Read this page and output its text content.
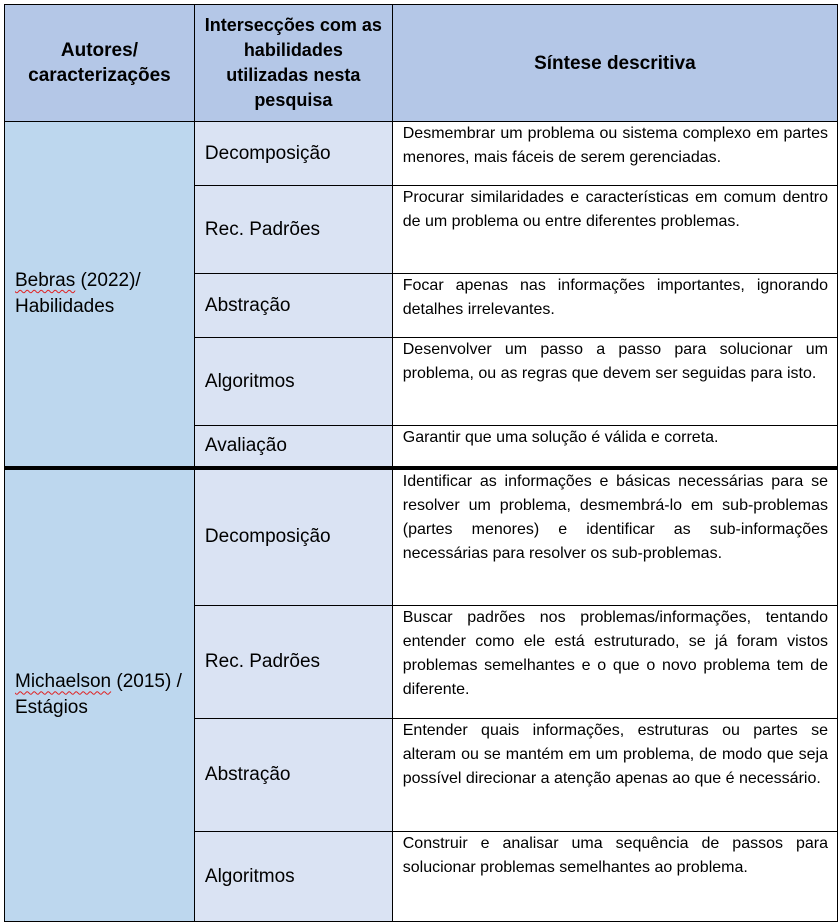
Autores/ caracterizações	Intersecções com as habilidades utilizadas nesta pesquisa	Síntese descritiva
Bebras (2022)/ Habilidades	Decomposição	Desmembrar um problema ou sistema complexo em partes menores, mais fáceis de serem gerenciadas.

	Rec. Padrões	Procurar similaridades e características em comum dentro de um problema ou entre diferentes problemas.

	Abstração	Focar apenas nas informações importantes, ignorando detalhes irrelevantes.

	Algoritmos	Desenvolver um passo a passo para solucionar um problema, ou as regras que devem ser seguidas para isto.

	Avaliação	Garantir que uma solução é válida e correta.

Michaelson (2015) / Estágios	Decomposição	Identificar as informações e básicas necessárias para se resolver um problema, desmembrá-lo em sub-problemas (partes menores) e identificar as sub-informações necessárias para resolver os sub-problemas.

	Rec. Padrões	Buscar padrões nos problemas/informações, tentando entender como ele está estruturado, se já foram vistos problemas semelhantes e o que o novo problema tem de diferente.

	Abstração	Entender quais informações, estruturas ou partes se alteram ou se mantém em um problema, de modo que seja possível direcionar a atenção apenas ao que é necessário.

	Algoritmos	Construir e analisar uma sequência de passos para solucionar problemas semelhantes ao problema.
